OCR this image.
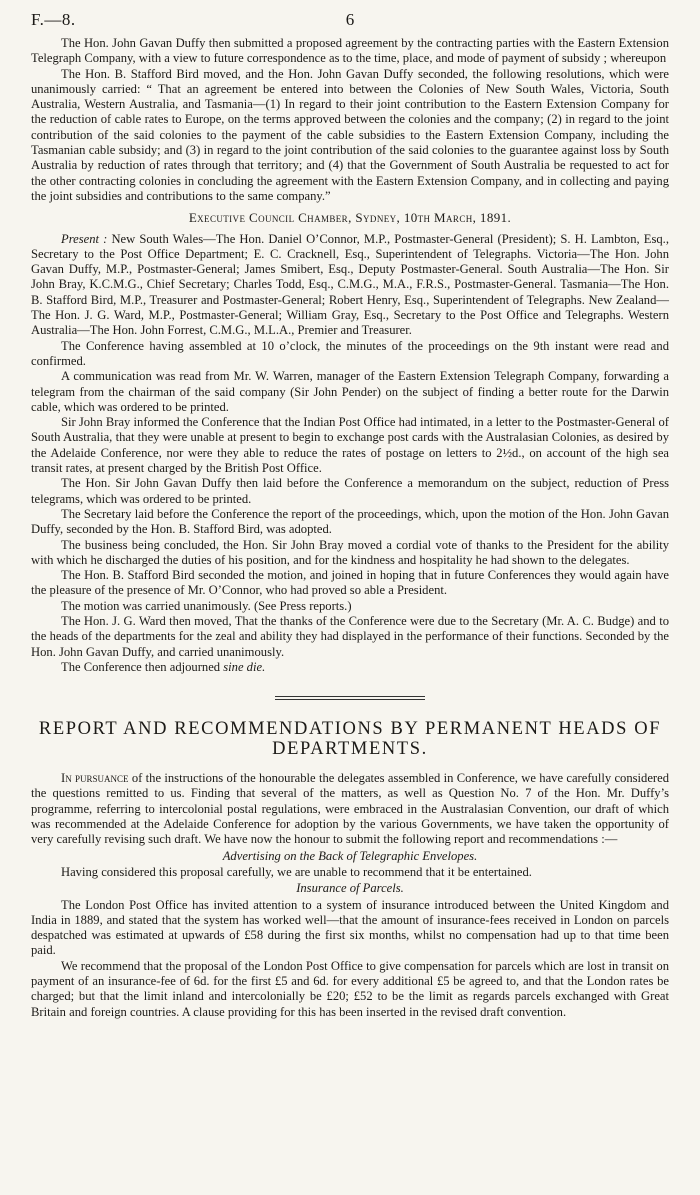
F.—8.	6

The Hon. John Gavan Duffy then submitted a proposed agreement by the contracting parties with the Eastern Extension Telegraph Company, with a view to future correspondence as to the time, place, and mode of payment of subsidy ; whereupon

The Hon. B. Stafford Bird moved, and the Hon. John Gavan Duffy seconded, the following resolutions, which were unanimously carried: “ That an agreement be entered into between the Colonies of New South Wales, Victoria, South Australia, Western Australia, and Tasmania—(1) In regard to their joint contribution to the Eastern Extension Company for the reduction of cable rates to Europe, on the terms approved between the colonies and the company; (2) in regard to the joint contribution of the said colonies to the payment of the cable subsidies to the Eastern Extension Company, including the Tasmanian cable subsidy; and (3) in regard to the joint contribution of the said colonies to the guarantee against loss by South Australia by reduction of rates through that territory; and (4) that the Government of South Australia be requested to act for the other contracting colonies in concluding the agreement with the Eastern Extension Company, and in collecting and paying the joint subsidies and contributions to the same company.”

Executive Council Chamber, Sydney, 10th March, 1891.

Present : New South Wales—The Hon. Daniel O’Connor, M.P., Postmaster-General (President); S. H. Lambton, Esq., Secretary to the Post Office Department; E. C. Cracknell, Esq., Superintendent of Telegraphs. Victoria—The Hon. John Gavan Duffy, M.P., Postmaster-General; James Smibert, Esq., Deputy Postmaster-General. South Australia—The Hon. Sir John Bray, K.C.M.G., Chief Secretary; Charles Todd, Esq., C.M.G., M.A., F.R.S., Postmaster-General. Tasmania—The Hon. B. Stafford Bird, M.P., Treasurer and Postmaster-General; Robert Henry, Esq., Superintendent of Telegraphs. New Zealand—The Hon. J. G. Ward, M.P., Postmaster-General; William Gray, Esq., Secretary to the Post Office and Telegraphs. Western Australia—The Hon. John Forrest, C.M.G., M.L.A., Premier and Treasurer.

The Conference having assembled at 10 o’clock, the minutes of the proceedings on the 9th instant were read and confirmed.

A communication was read from Mr. W. Warren, manager of the Eastern Extension Telegraph Company, forwarding a telegram from the chairman of the said company (Sir John Pender) on the subject of finding a better route for the Darwin cable, which was ordered to be printed.

Sir John Bray informed the Conference that the Indian Post Office had intimated, in a letter to the Postmaster-General of South Australia, that they were unable at present to begin to exchange post cards with the Australasian Colonies, as desired by the Adelaide Conference, nor were they able to reduce the rates of postage on letters to 2½d., on account of the high sea transit rates, at present charged by the British Post Office.

The Hon. Sir John Gavan Duffy then laid before the Conference a memorandum on the subject, reduction of Press telegrams, which was ordered to be printed.

The Secretary laid before the Conference the report of the proceedings, which, upon the motion of the Hon. John Gavan Duffy, seconded by the Hon. B. Stafford Bird, was adopted.

The business being concluded, the Hon. Sir John Bray moved a cordial vote of thanks to the President for the ability with which he discharged the duties of his position, and for the kindness and hospitality he had shown to the delegates.

The Hon. B. Stafford Bird seconded the motion, and joined in hoping that in future Conferences they would again have the pleasure of the presence of Mr. O’Connor, who had proved so able a President.

The motion was carried unanimously. (See Press reports.)

The Hon. J. G. Ward then moved, That the thanks of the Conference were due to the Secretary (Mr. A. C. Budge) and to the heads of the departments for the zeal and ability they had displayed in the performance of their functions. Seconded by the Hon. John Gavan Duffy, and carried unanimously.

The Conference then adjourned sine die.

REPORT AND RECOMMENDATIONS BY PERMANENT HEADS OF DEPARTMENTS.

In pursuance of the instructions of the honourable the delegates assembled in Conference, we have carefully considered the questions remitted to us. Finding that several of the matters, as well as Question No. 7 of the Hon. Mr. Duffy’s programme, referring to intercolonial postal regulations, were embraced in the Australasian Convention, our draft of which was recommended at the Adelaide Conference for adoption by the various Governments, we have taken the opportunity of very carefully revising such draft. We have now the honour to submit the following report and recommendations :—

Advertising on the Back of Telegraphic Envelopes.

Having considered this proposal carefully, we are unable to recommend that it be entertained.

Insurance of Parcels.

The London Post Office has invited attention to a system of insurance introduced between the United Kingdom and India in 1889, and stated that the system has worked well—that the amount of insurance-fees received in London on parcels despatched was estimated at upwards of £58 during the first six months, whilst no compensation had up to that time been paid.

We recommend that the proposal of the London Post Office to give compensation for parcels which are lost in transit on payment of an insurance-fee of 6d. for the first £5 and 6d. for every additional £5 be agreed to, and that the London rates be charged; but that the limit inland and intercolonially be £20; £52 to be the limit as regards parcels exchanged with Great Britain and foreign countries. A clause providing for this has been inserted in the revised draft convention.
